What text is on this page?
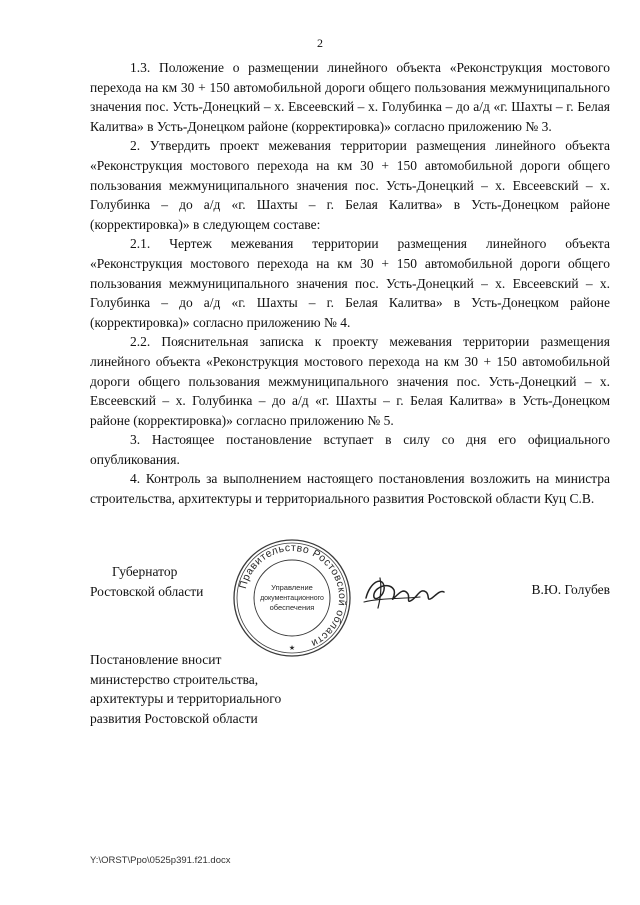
2

1.3. Положение о размещении линейного объекта «Реконструкция мостового перехода на км 30 + 150 автомобильной дороги общего пользования межмуниципального значения пос. Усть-Донецкий – х. Евсеевский – х. Голубинка – до а/д «г. Шахты – г. Белая Калитва» в Усть-Донецком районе (корректировка)» согласно приложению № 3.

2. Утвердить проект межевания территории размещения линейного объекта «Реконструкция мостового перехода на км 30 + 150 автомобильной дороги общего пользования межмуниципального значения пос. Усть-Донецкий – х. Евсеевский – х. Голубинка – до а/д «г. Шахты – г. Белая Калитва» в Усть-Донецком районе (корректировка)» в следующем составе:

2.1. Чертеж межевания территории размещения линейного объекта «Реконструкция мостового перехода на км 30 + 150 автомобильной дороги общего пользования межмуниципального значения пос. Усть-Донецкий – х. Евсеевский – х. Голубинка – до а/д «г. Шахты – г. Белая Калитва» в Усть-Донецком районе (корректировка)» согласно приложению № 4.

2.2. Пояснительная записка к проекту межевания территории размещения линейного объекта «Реконструкция мостового перехода на км 30 + 150 автомобильной дороги общего пользования межмуниципального значения пос. Усть-Донецкий – х. Евсеевский – х. Голубинка – до а/д «г. Шахты – г. Белая Калитва» в Усть-Донецком районе (корректировка)» согласно приложению № 5.

3. Настоящее постановление вступает в силу со дня его официального опубликования.

4. Контроль за выполнением настоящего постановления возложить на министра строительства, архитектуры и территориального развития Ростовской области Куц С.В.

Губернатор
Ростовской области	Правительство Ростовской области
Управление
документационного
обеспечения
★
В.Ю. Голубев
Постановление вносит
министерство строительства,
архитектуры и территориального
развития Ростовской области
Y:\ORST\Ppo\0525p391.f21.docx
